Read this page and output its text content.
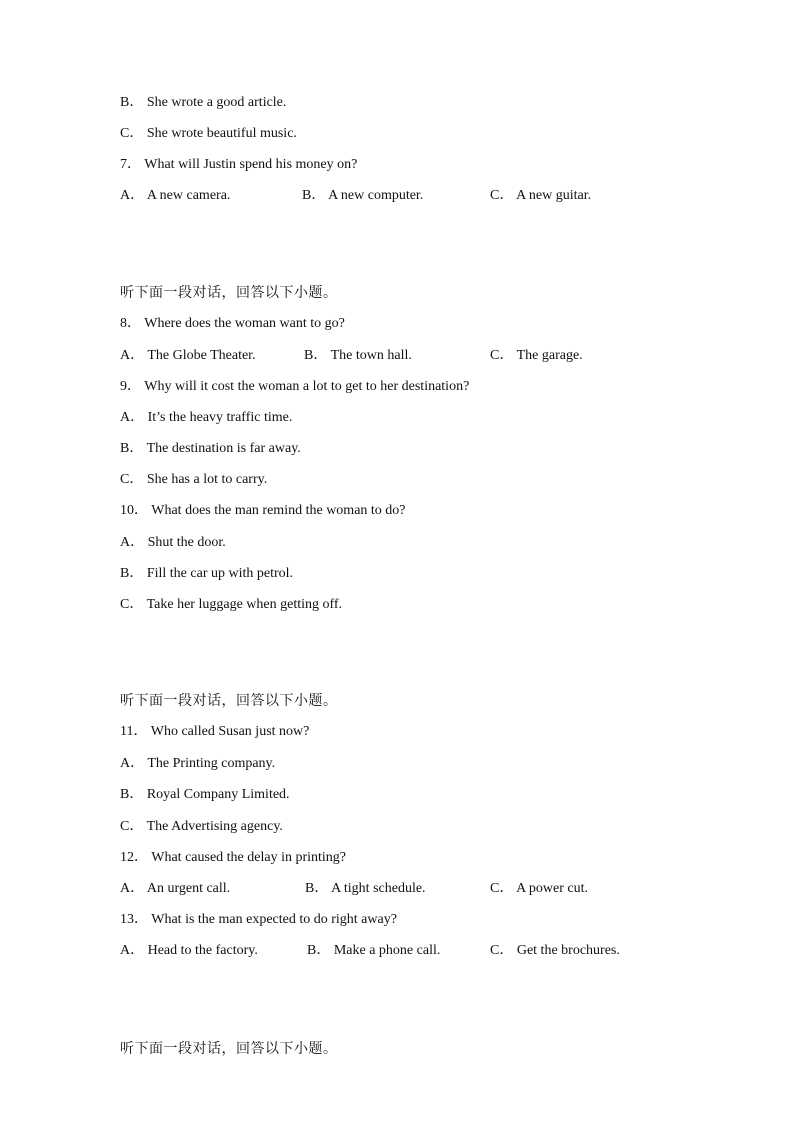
B． She wrote a good article.
C． She wrote beautiful music.
7． What will Justin spend his money on?
A． A new camera.	B． A new computer.	C． A new guitar.
听下面一段对话，回答以下小题。
8． Where does the woman want to go?
A． The Globe Theater.	B． The town hall.	C． The garage.
9． Why will it cost the woman a lot to get to her destination?
A． It’s the heavy traffic time.
B． The destination is far away.
C． She has a lot to carry.
10． What does the man remind the woman to do?
A． Shut the door.
B． Fill the car up with petrol.
C． Take her luggage when getting off.
听下面一段对话，回答以下小题。
11． Who called Susan just now?
A． The Printing company.
B． Royal Company Limited.
C． The Advertising agency.
12． What caused the delay in printing?
A． An urgent call.	B． A tight schedule.	C． A power cut.
13． What is the man expected to do right away?
A． Head to the factory.	B． Make a phone call.	C． Get the brochures.
听下面一段对话，回答以下小题。
